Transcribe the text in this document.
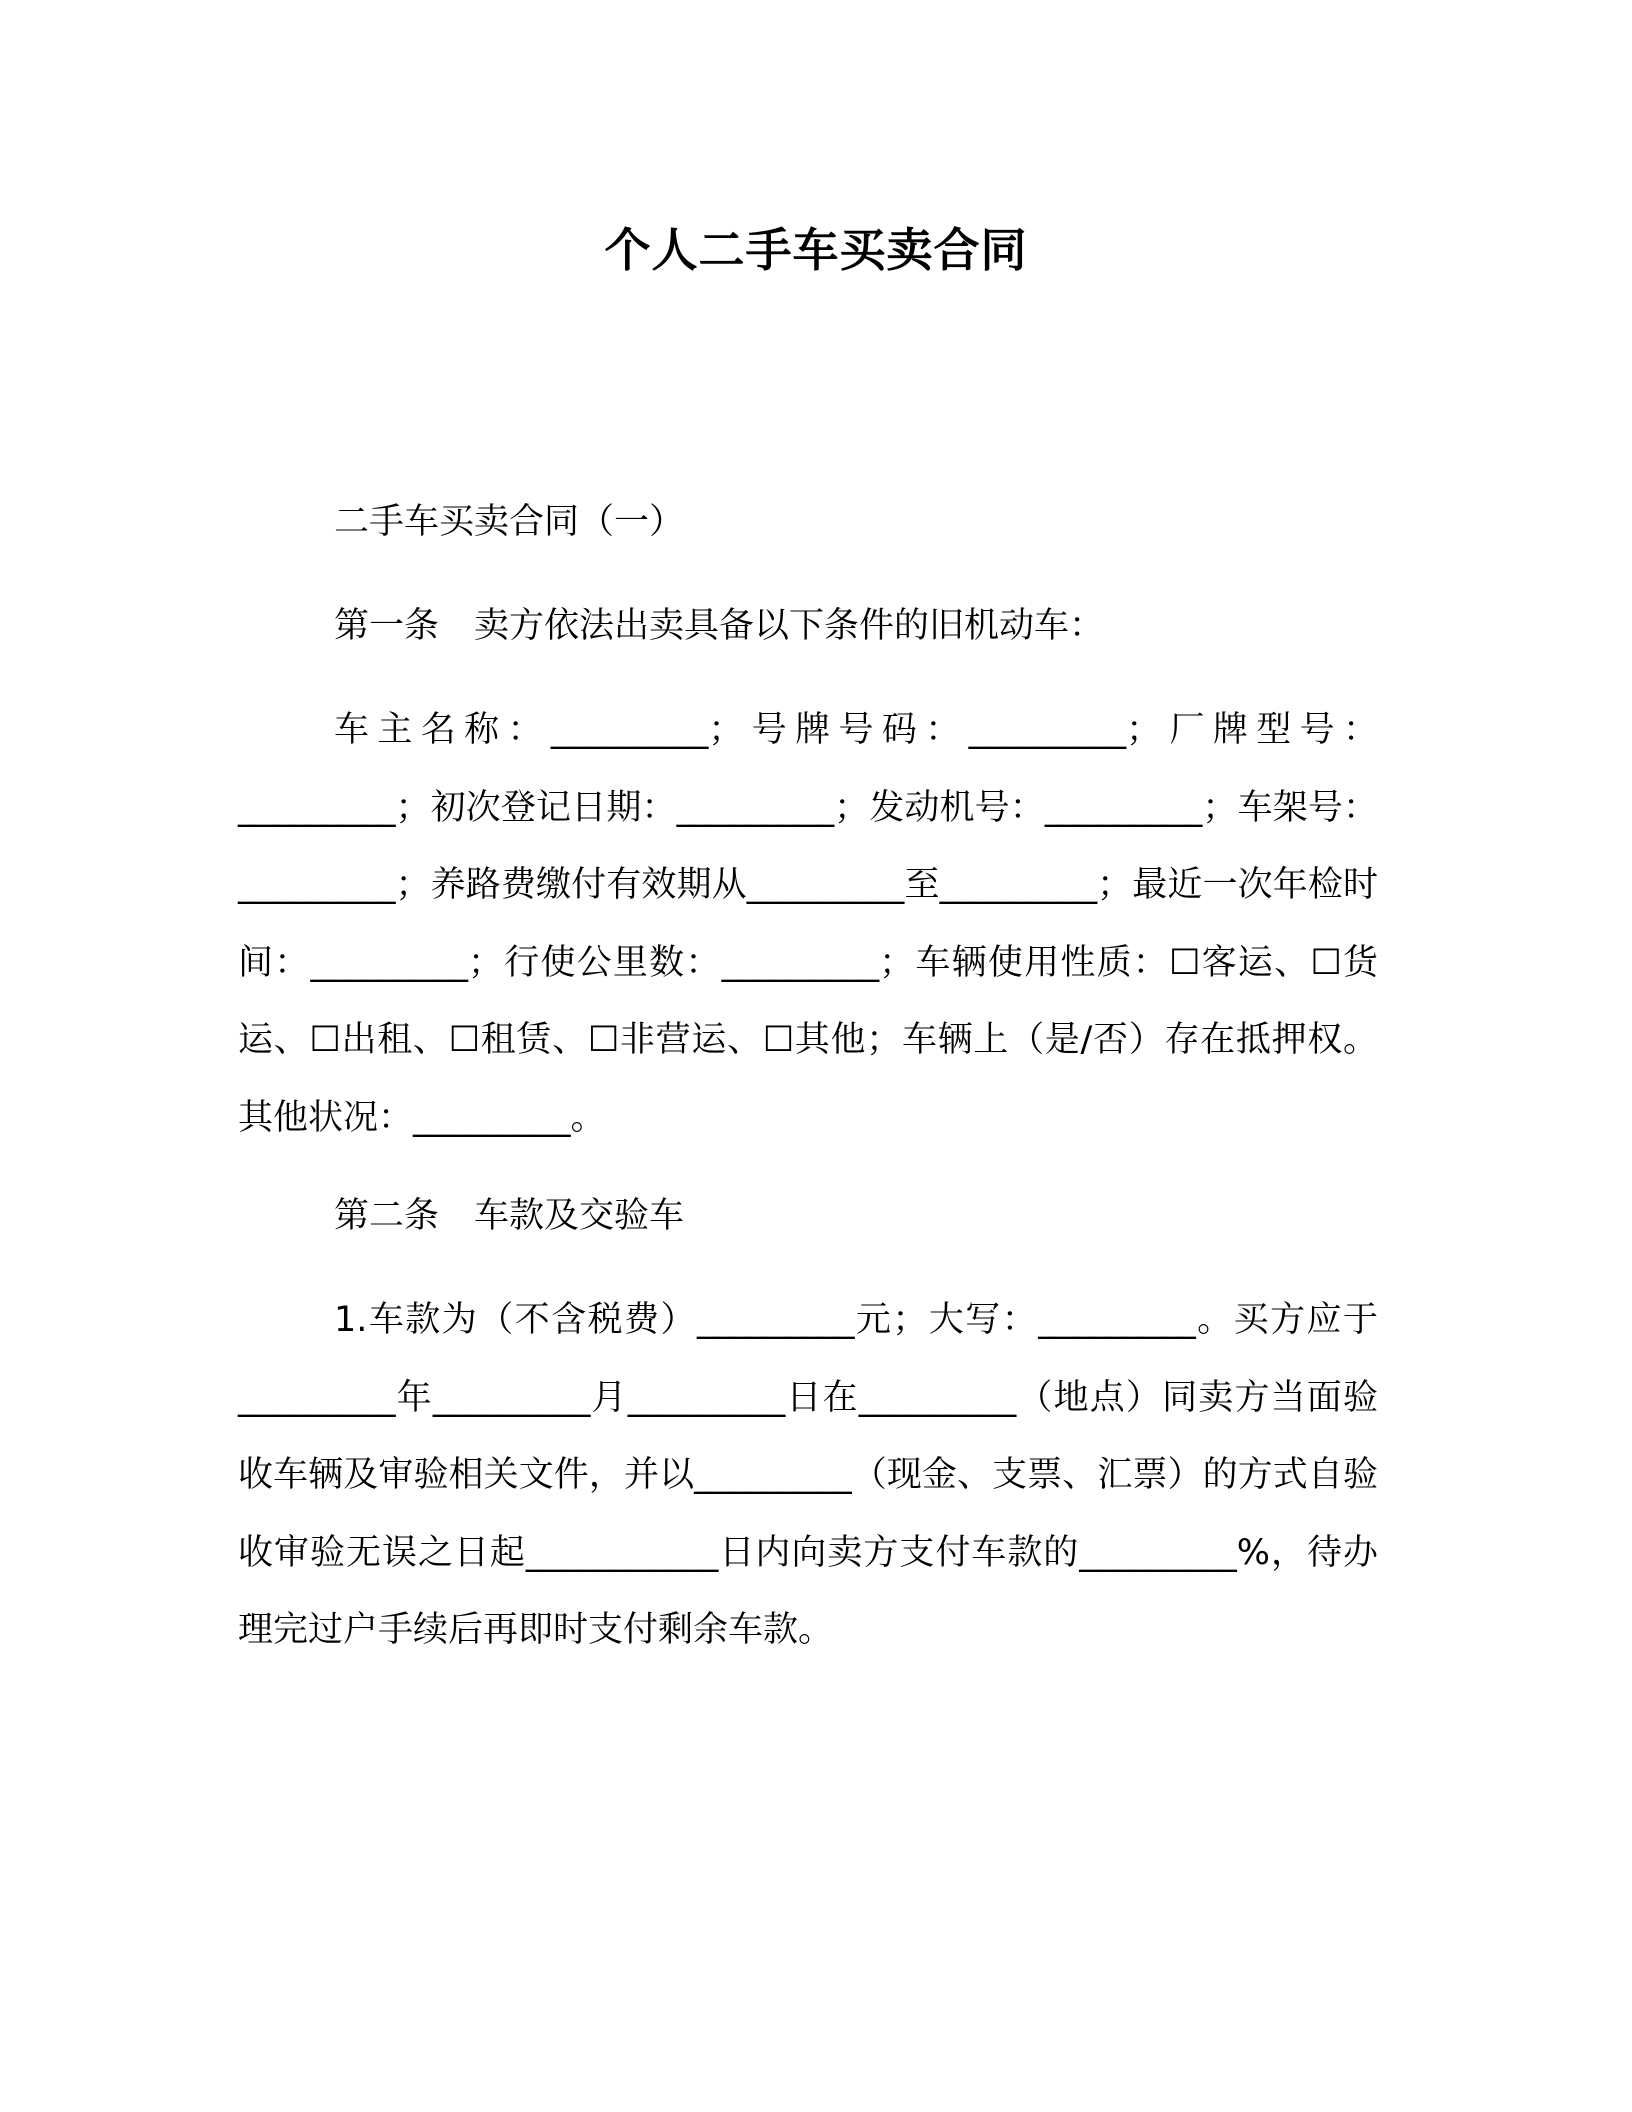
个人二手车买卖合同

二手车买卖合同（一）

第一条　卖方依法出卖具备以下条件的旧机动车：

车主名称：_________；号牌号码：_________；厂牌型号：_________；初次登记日期：_________；发动机号：_________；车架号：_________；养路费缴付有效期从_________至_________；最近一次年检时间：_________；行使公里数：_________；车辆使用性质：☐客运、☐货运、☐出租、☐租赁、☐非营运、☐其他；车辆上（是/否）存在抵押权。其他状况：_________。

第二条　车款及交验车

1.车款为（不含税费）_________元；大写：_________。买方应于_________年_________月_________日在_________（地点）同卖方当面验收车辆及审验相关文件，并以_________（现金、支票、汇票）的方式自验收审验无误之日起___________日内向卖方支付车款的_________%，待办理完过户手续后再即时支付剩余车款。
